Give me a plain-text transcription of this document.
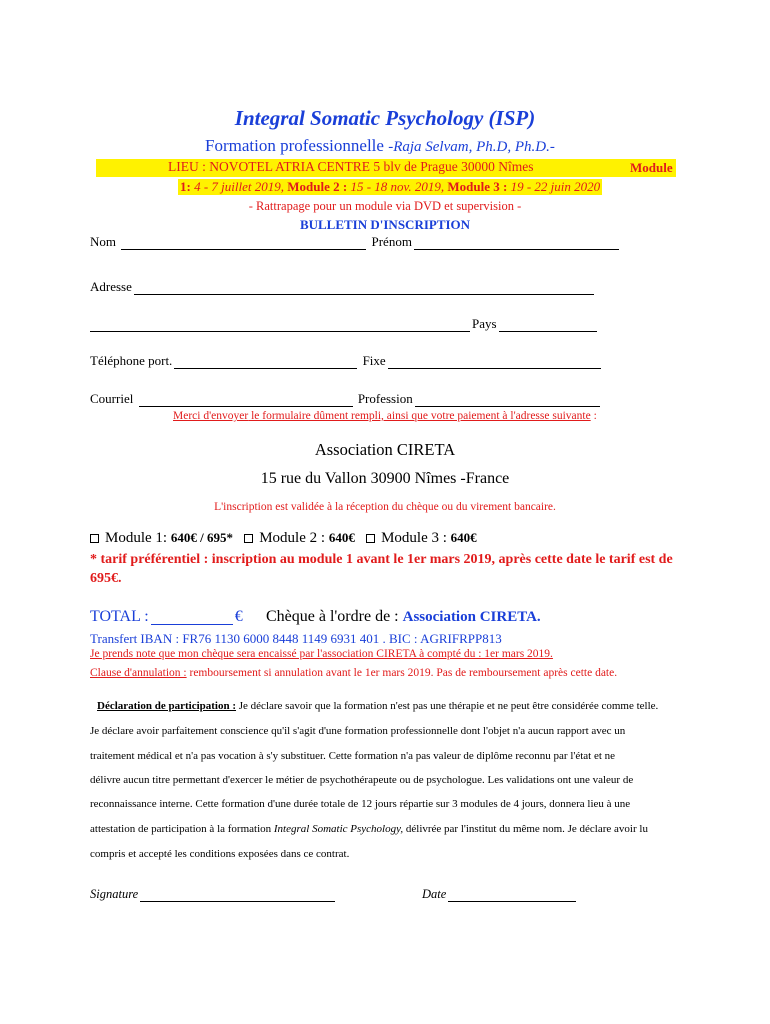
Integral Somatic Psychology (ISP)
Formation professionnelle -Raja Selvam, Ph.D, Ph.D.-
LIEU : NOVOTEL ATRIA CENTRE 5 blv de Prague 30000 Nîmes	Module
1: 4 - 7 juillet 2019, Module 2 : 15 - 18 nov. 2019, Module 3 : 19 - 22 juin 2020
- Rattrapage pour un module via DVD et supervision -
BULLETIN D'INSCRIPTION
Nom	Prénom
Adresse
Pays
Téléphone port.	Fixe
Courriel	Profession
Merci d'envoyer le formulaire dûment rempli, ainsi que votre paiement à l'adresse suivante :
Association CIRETA
15 rue du Vallon 30900 Nîmes -France
L'inscription est validée à la réception du chèque ou du virement bancaire.
Module 1: 640€ / 695* Module 2 : 640€ Module 3 : 640€
* tarif préférentiel : inscription au module 1 avant le 1er mars 2019, après cette date le tarif est de
695€.
TOTAL :	€ Chèque à l'ordre de : Association CIRETA.
Transfert IBAN : FR76 1130 6000 8448 1149 6931 401 . BIC : AGRIFRPP813
Je prends note que mon chèque sera encaissé par l'association CIRETA à compté du : 1er mars 2019.
Clause d'annulation : remboursement si annulation avant le 1er mars 2019. Pas de remboursement après cette date.
Déclaration de participation : Je déclare savoir que la formation n'est pas une thérapie et ne peut être considérée comme telle.
Je déclare avoir parfaitement conscience qu'il s'agit d'une formation professionnelle dont l'objet n'a aucun rapport avec un
traitement médical et n'a pas vocation à s'y substituer. Cette formation n'a pas valeur de diplôme reconnu par l'état et ne
délivre aucun titre permettant d'exercer le métier de psychothérapeute ou de psychologue. Les validations ont une valeur de
reconnaissance interne. Cette formation d'une durée totale de 12 jours répartie sur 3 modules de 4 jours, donnera lieu à une
attestation de participation à la formation Integral Somatic Psychology, délivrée par l'institut du même nom. Je déclare avoir lu
compris et accepté les conditions exposées dans ce contrat.
Signature	Date
